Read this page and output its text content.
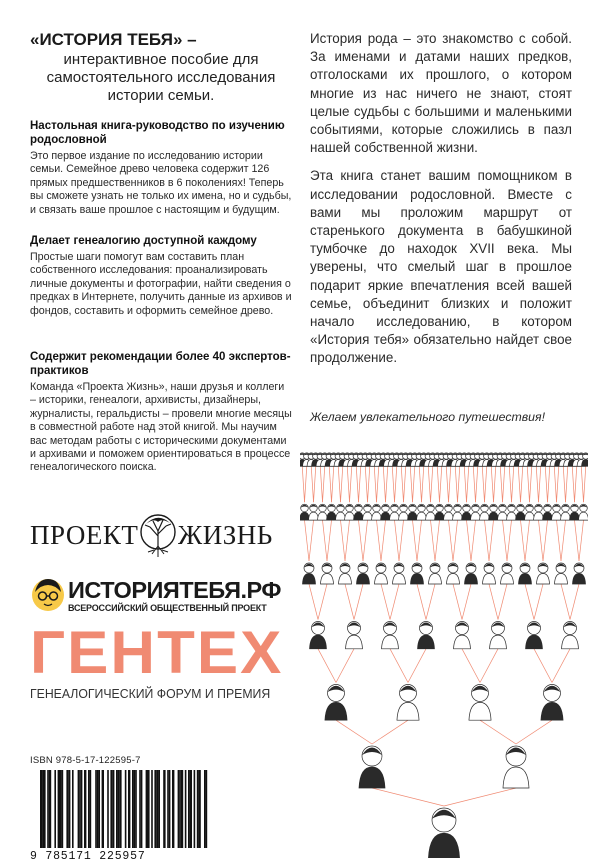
«ИСТОРИЯ ТЕБЯ» –
интерактивное пособие для самостоятельного исследования истории семьи.

Настольная книга-руководство по изучению родословной

Это первое издание по исследованию истории семьи. Семейное древо человека содержит 126 прямых предшественников в 6 поколениях! Теперь вы сможете узнать не только их имена, но и судьбы, и связать ваше прошлое с настоящим и будущим.

Делает генеалогию доступной каждому

Простые шаги помогут вам составить план собственного исследования: проанализировать личные документы и фотографии, найти сведения о предках в Интернете, получить данные из архивов и фондов, составить и оформить семейное древо.

Содержит рекомендации более 40 экспертов-практиков

Команда «Проекта Жизнь», наши друзья и коллеги – историки, генеалоги, архивисты, дизайнеры, журналисты, геральдисты – провели многие месяцы в совместной работе над этой книгой. Мы научим вас методам работы с историческими документами и архивами и поможем ориентироваться в процессе генеалогического поиска.

ПРОЕКТ ЖИЗНЬ
ИСТОРИЯТЕБЯ.РФ
ВСЕРОССИЙСКИЙ ОБЩЕСТВЕННЫЙ ПРОЕКТ
ГЕНТЕХ
ГЕНЕАЛОГИЧЕСКИЙ ФОРУМ И ПРЕМИЯ
ISBN 978-5-17-122595-7
9 785171 225957

История рода – это знакомство с собой. За именами и датами наших предков, отголосками их прошлого, о котором многие из нас ничего не знают, стоят целые судьбы с большими и маленькими событиями, которые сложились в пазл нашей собственной жизни.

Эта книга станет вашим помощником в исследовании родословной. Вместе с вами мы проложим маршрут от старенького документа в бабушкиной тумбочке до находок XVII века. Мы уверены, что смелый шаг в прошлое подарит яркие впечатления всей вашей семье, объединит близких и положит начало исследованию, в котором «История тебя» обязательно найдет свое продолжение.

Желаем увлекательного путешествия!
